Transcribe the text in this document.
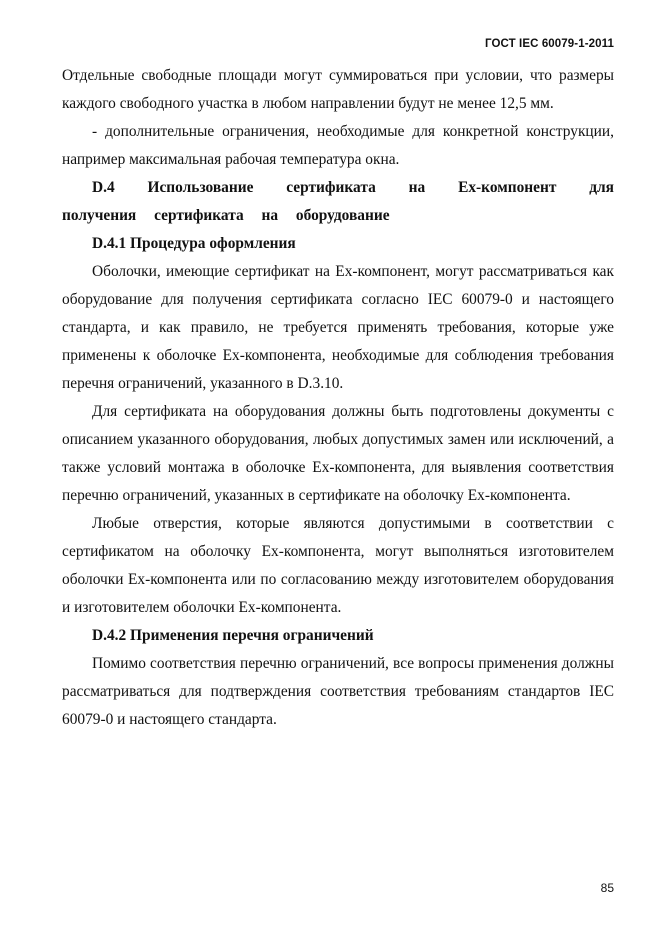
ГОСТ IEC 60079-1-2011

Отдельные свободные площади могут суммироваться при условии, что размеры каждого свободного участка в любом направлении будут не менее 12,5 мм.

- дополнительные ограничения, необходимые для конкретной конструкции, например максимальная рабочая температура окна.

D.4 Использование сертификата на Ex-компонент для получения сертификата на оборудование

D.4.1 Процедура оформления

Оболочки, имеющие сертификат на Ex-компонент, могут рассматриваться как оборудование для получения сертификата согласно IEC 60079-0 и настоящего стандарта, и как правило, не требуется применять требования, которые уже применены к оболочке Ex-компонента, необходимые для соблюдения требования перечня ограничений, указанного в D.3.10.

Для сертификата на оборудования должны быть подготовлены документы с описанием указанного оборудования, любых допустимых замен или исключений, а также условий монтажа в оболочке Ex-компонента, для выявления соответствия перечню ограничений, указанных в сертификате на оболочку Ex-компонента.

Любые отверстия, которые являются допустимыми в соответствии с сертификатом на оболочку Ex-компонента, могут выполняться изготовителем оболочки Ex-компонента или по согласованию между изготовителем оборудования и изготовителем оболочки Ex-компонента.

D.4.2 Применения перечня ограничений

Помимо соответствия перечню ограничений, все вопросы применения должны рассматриваться для подтверждения соответствия требованиям стандартов IEC 60079-0 и настоящего стандарта.

85
